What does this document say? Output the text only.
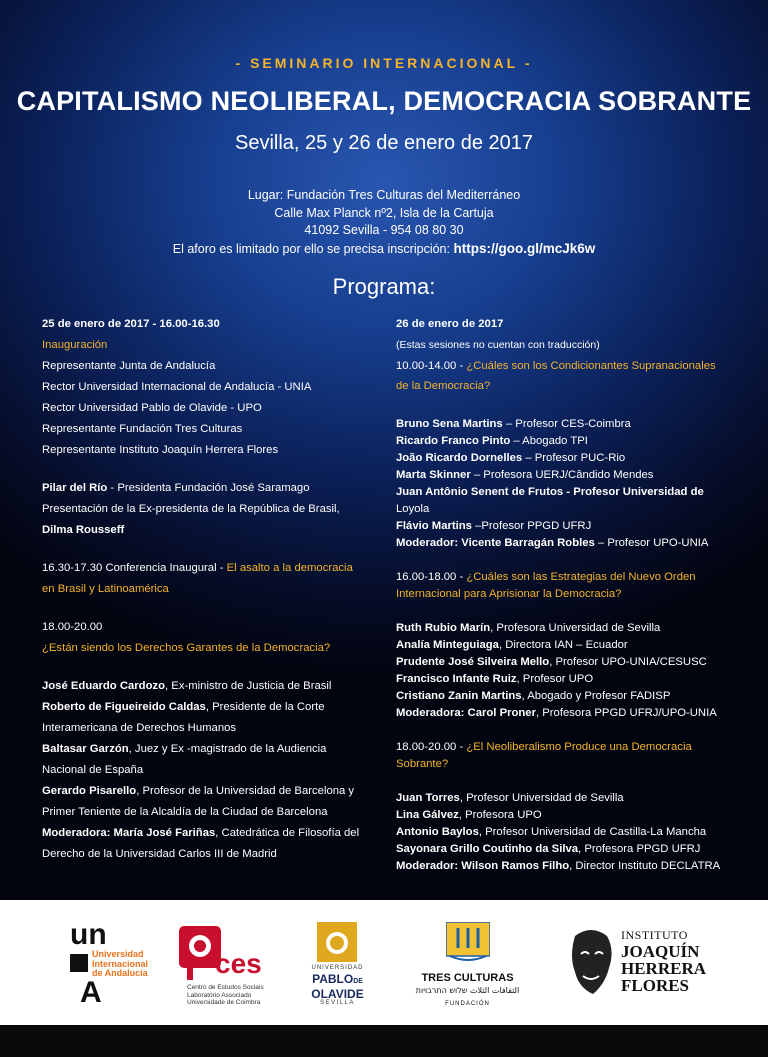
- SEMINARIO INTERNACIONAL -
CAPITALISMO NEOLIBERAL, DEMOCRACIA SOBRANTE
Sevilla, 25 y 26 de enero de 2017
Lugar: Fundación Tres Culturas del Mediterráneo
Calle Max Planck nº2, Isla de la Cartuja
41092 Sevilla - 954 08 80 30
El aforo es limitado por ello se precisa inscripción: https://goo.gl/mcJk6w
Programa:
25 de enero de 2017 - 16.00-16.30
Inauguración
Representante Junta de Andalucía
Rector Universidad Internacional de Andalucía - UNIA
Rector Universidad Pablo de Olavide - UPO
Representante Fundación Tres Culturas
Representante Instituto Joaquín Herrera Flores
Pilar del Río - Presidenta Fundación José Saramago
Presentación de la Ex-presidenta de la República de Brasil,
Dilma Rousseff
16.30-17.30 Conferencia Inaugural - El asalto a la democracia
en Brasil y Latinoamérica
18.00-20.00
¿Están siendo los Derechos Garantes de la Democracia?
José Eduardo Cardozo, Ex-ministro de Justicia de Brasil
Roberto de Figueireido Caldas, Presidente de la Corte
Interamericana de Derechos Humanos
Baltasar Garzón, Juez y Ex -magistrado de la Audiencia
Nacional de España
Gerardo Pisarello, Profesor de la Universidad de Barcelona y
Primer Teniente de la Alcaldía de la Ciudad de Barcelona
Moderadora: María José Fariñas, Catedrática de Filosofía del
Derecho de la Universidad Carlos III de Madrid
26 de enero de 2017
(Estas sesiones no cuentan con traducción)
10.00-14.00 - ¿Cuáles son los Condicionantes Supranacionales
de la Democracia?
Bruno Sena Martins – Profesor CES-Coimbra
Ricardo Franco Pinto – Abogado TPI
João Ricardo Dornelles – Profesor PUC-Rio
Marta Skinner – Profesora UERJ/Cândido Mendes
Juan Antônio Senent de Frutos - Profesor Universidad de
Loyola
Flávio Martins –Profesor PPGD UFRJ
Moderador: Vicente Barragán Robles – Profesor UPO-UNIA
16.00-18.00 - ¿Cuáles son las Estrategias del Nuevo Orden
Internacional para Aprisionar la Democracia?
Ruth Rubio Marín, Profesora Universidad de Sevilla
Analía Minteguiaga, Directora IAN – Ecuador
Prudente José Silveira Mello, Profesor UPO-UNIA/CESUSC
Francisco Infante Ruiz, Profesor UPO
Cristiano Zanin Martins, Abogado y Profesor FADISP
Moderadora: Carol Proner, Profesora PPGD UFRJ/UPO-UNIA
18.00-20.00 - ¿El Neoliberalismo Produce una Democracia
Sobrante?
Juan Torres, Profesor Universidad de Sevilla
Lina Gálvez, Profesora UPO
Antonio Baylos, Profesor Universidad de Castilla-La Mancha
Sayonara Grillo Coutinho da Silva, Profesora PPGD UFRJ
Moderador: Wilson Ramos Filho, Director Instituto DECLATRA
un
Universidad
Internacional
de Andalucía
A
ces
Centro de Estudos Sociais
Laboratório Associado
Universidade de Coimbra
UNIVERSIDAD
PABLODE
OLAVIDE
SEVILLA
TRES CULTURAS
الثقافات الثلاث שלוש התרבויות
FUNDACIÓN
INSTITUTO
JOAQUÍN
HERRERA
FLORES
